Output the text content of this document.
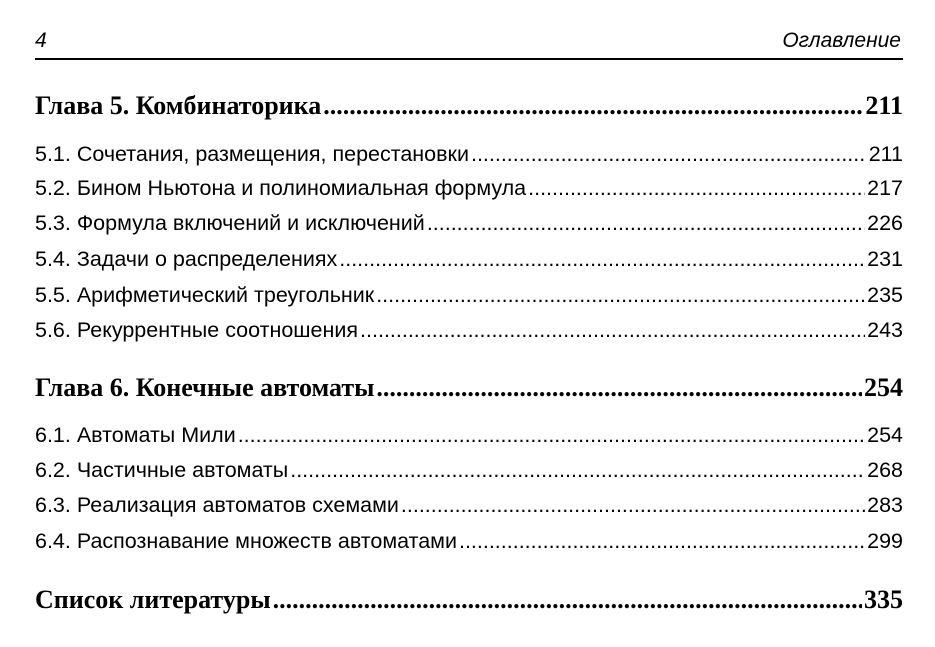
4	Оглавление
Глава 5. Комбинаторика .....	211
5.1. Сочетания, размещения, перестановки .....	211
5.2. Бином Ньютона и полиномиальная формула .....	217
5.3. Формула включений и исключений .....	226
5.4. Задачи о распределениях .....	231
5.5. Арифметический треугольник .....	235
5.6. Рекуррентные соотношения .....	243
Глава 6. Конечные автоматы .....	254
6.1. Автоматы Мили .....	254
6.2. Частичные автоматы .....	268
6.3. Реализация автоматов схемами .....	283
6.4. Распознавание множеств автоматами .....	299
Список литературы .....	335
